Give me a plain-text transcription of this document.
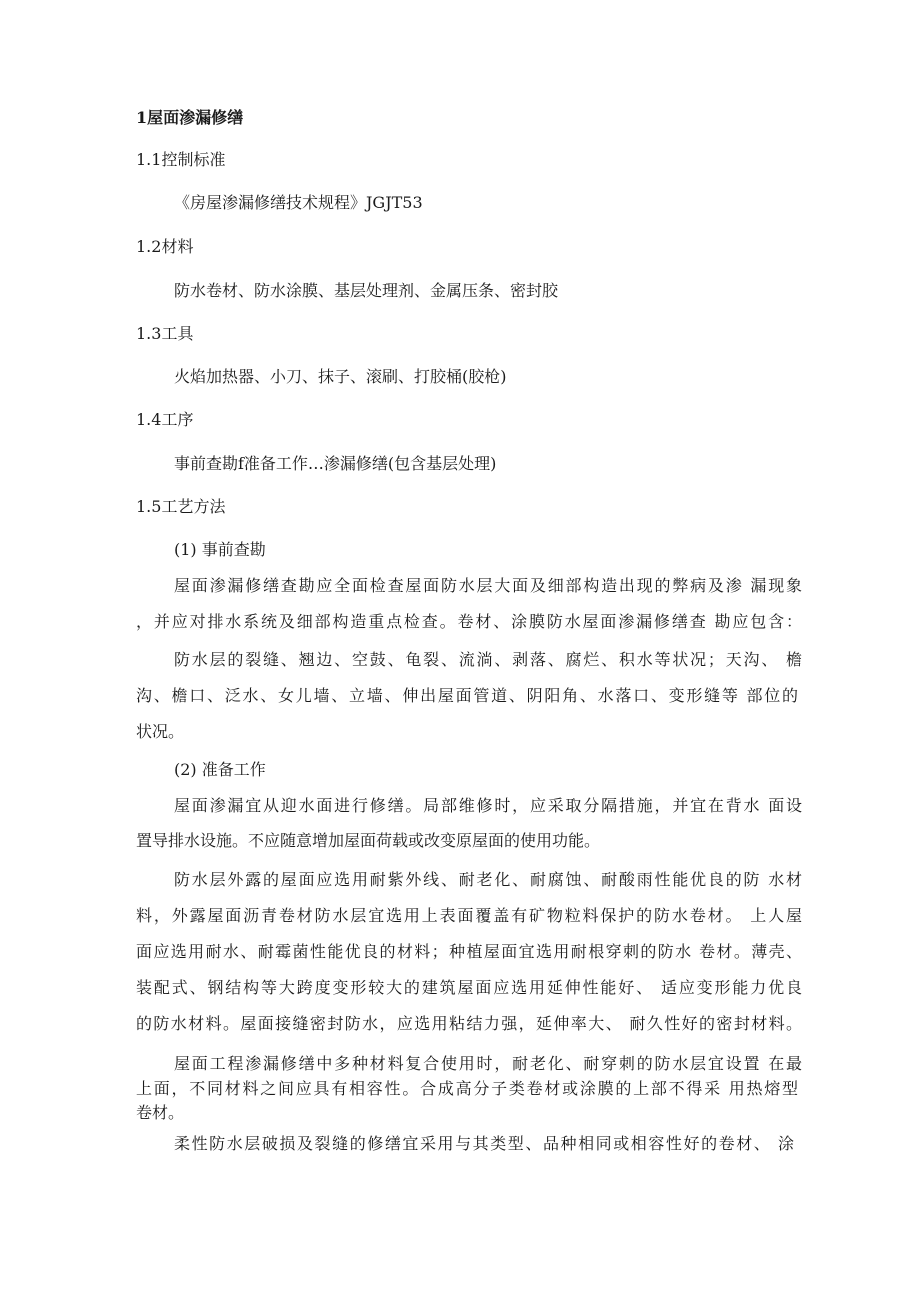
1屋面渗漏修缮
1.1控制标准
《房屋渗漏修缮技术规程》JGJT53
1.2材料
防水卷材、防水涂膜、基层处理剂、金属压条、密封胶
1.3工具
火焰加热器、小刀、抹子、滚刷、打胶桶(胶枪)
1.4工序
事前查勘f准备工作…渗漏修缮(包含基层处理)
1.5工艺方法
(1) 事前查勘
屋面渗漏修缮查勘应全面检查屋面防水层大面及细部构造出现的弊病及渗 漏现象
，并应对排水系统及细部构造重点检查。卷材、涂膜防水屋面渗漏修缮查 勘应包含：
防水层的裂缝、翘边、空鼓、龟裂、流淌、剥落、腐烂、积水等状况；天沟、 檐
沟、檐口、泛水、女儿墙、立墙、伸出屋面管道、阴阳角、水落口、变形缝等 部位的
状况。
(2) 准备工作
屋面渗漏宜从迎水面进行修缮。局部维修时，应采取分隔措施，并宜在背水 面设
置导排水设施。不应随意增加屋面荷载或改变原屋面的使用功能。
防水层外露的屋面应选用耐紫外线、耐老化、耐腐蚀、耐酸雨性能优良的防 水材
料，外露屋面沥青卷材防水层宜选用上表面覆盖有矿物粒料保护的防水卷材。 上人屋
面应选用耐水、耐霉菌性能优良的材料；种植屋面宜选用耐根穿刺的防水 卷材。薄壳、
装配式、钢结构等大跨度变形较大的建筑屋面应选用延伸性能好、 适应变形能力优良
的防水材料。屋面接缝密封防水，应选用粘结力强，延伸率大、 耐久性好的密封材料。
屋面工程渗漏修缮中多种材料复合使用时，耐老化、耐穿刺的防水层宜设置 在最
上面，不同材料之间应具有相容性。合成高分子类卷材或涂膜的上部不得采 用热熔型
卷材。
柔性防水层破损及裂缝的修缮宜采用与其类型、品种相同或相容性好的卷材、 涂
